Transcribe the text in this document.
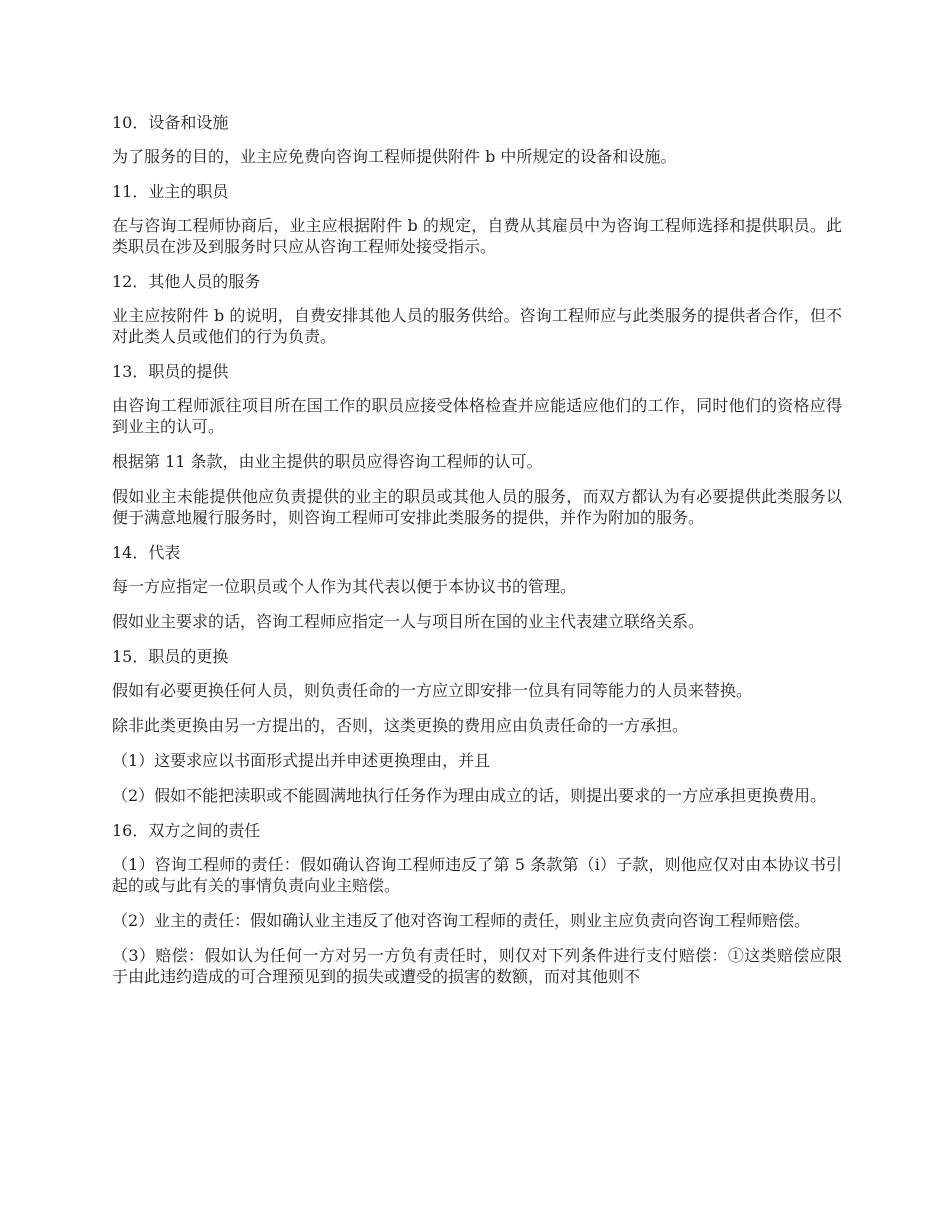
10．设备和设施

为了服务的目的，业主应免费向咨询工程师提供附件 b 中所规定的设备和设施。

11．业主的职员

在与咨询工程师协商后，业主应根据附件 b 的规定，自费从其雇员中为咨询工程师选择和提供职员。此类职员在涉及到服务时只应从咨询工程师处接受指示。

12．其他人员的服务

业主应按附件 b 的说明，自费安排其他人员的服务供给。咨询工程师应与此类服务的提供者合作，但不对此类人员或他们的行为负责。

13．职员的提供

由咨询工程师派往项目所在国工作的职员应接受体格检查并应能适应他们的工作，同时他们的资格应得到业主的认可。

根据第 11 条款，由业主提供的职员应得咨询工程师的认可。

假如业主未能提供他应负责提供的业主的职员或其他人员的服务，而双方都认为有必要提供此类服务以便于满意地履行服务时，则咨询工程师可安排此类服务的提供，并作为附加的服务。

14．代表

每一方应指定一位职员或个人作为其代表以便于本协议书的管理。

假如业主要求的话，咨询工程师应指定一人与项目所在国的业主代表建立联络关系。

15．职员的更换

假如有必要更换任何人员，则负责任命的一方应立即安排一位具有同等能力的人员来替换。

除非此类更换由另一方提出的，否则，这类更换的费用应由负责任命的一方承担。

（1）这要求应以书面形式提出并申述更换理由，并且

（2）假如不能把渎职或不能圆满地执行任务作为理由成立的话，则提出要求的一方应承担更换费用。

16．双方之间的责任

（1）咨询工程师的责任：假如确认咨询工程师违反了第 5 条款第（i）子款，则他应仅对由本协议书引起的或与此有关的事情负责向业主赔偿。

（2）业主的责任：假如确认业主违反了他对咨询工程师的责任，则业主应负责向咨询工程师赔偿。

（3）赔偿：假如认为任何一方对另一方负有责任时，则仅对下列条件进行支付赔偿：①这类赔偿应限于由此违约造成的可合理预见到的损失或遭受的损害的数额，而对其他则不
